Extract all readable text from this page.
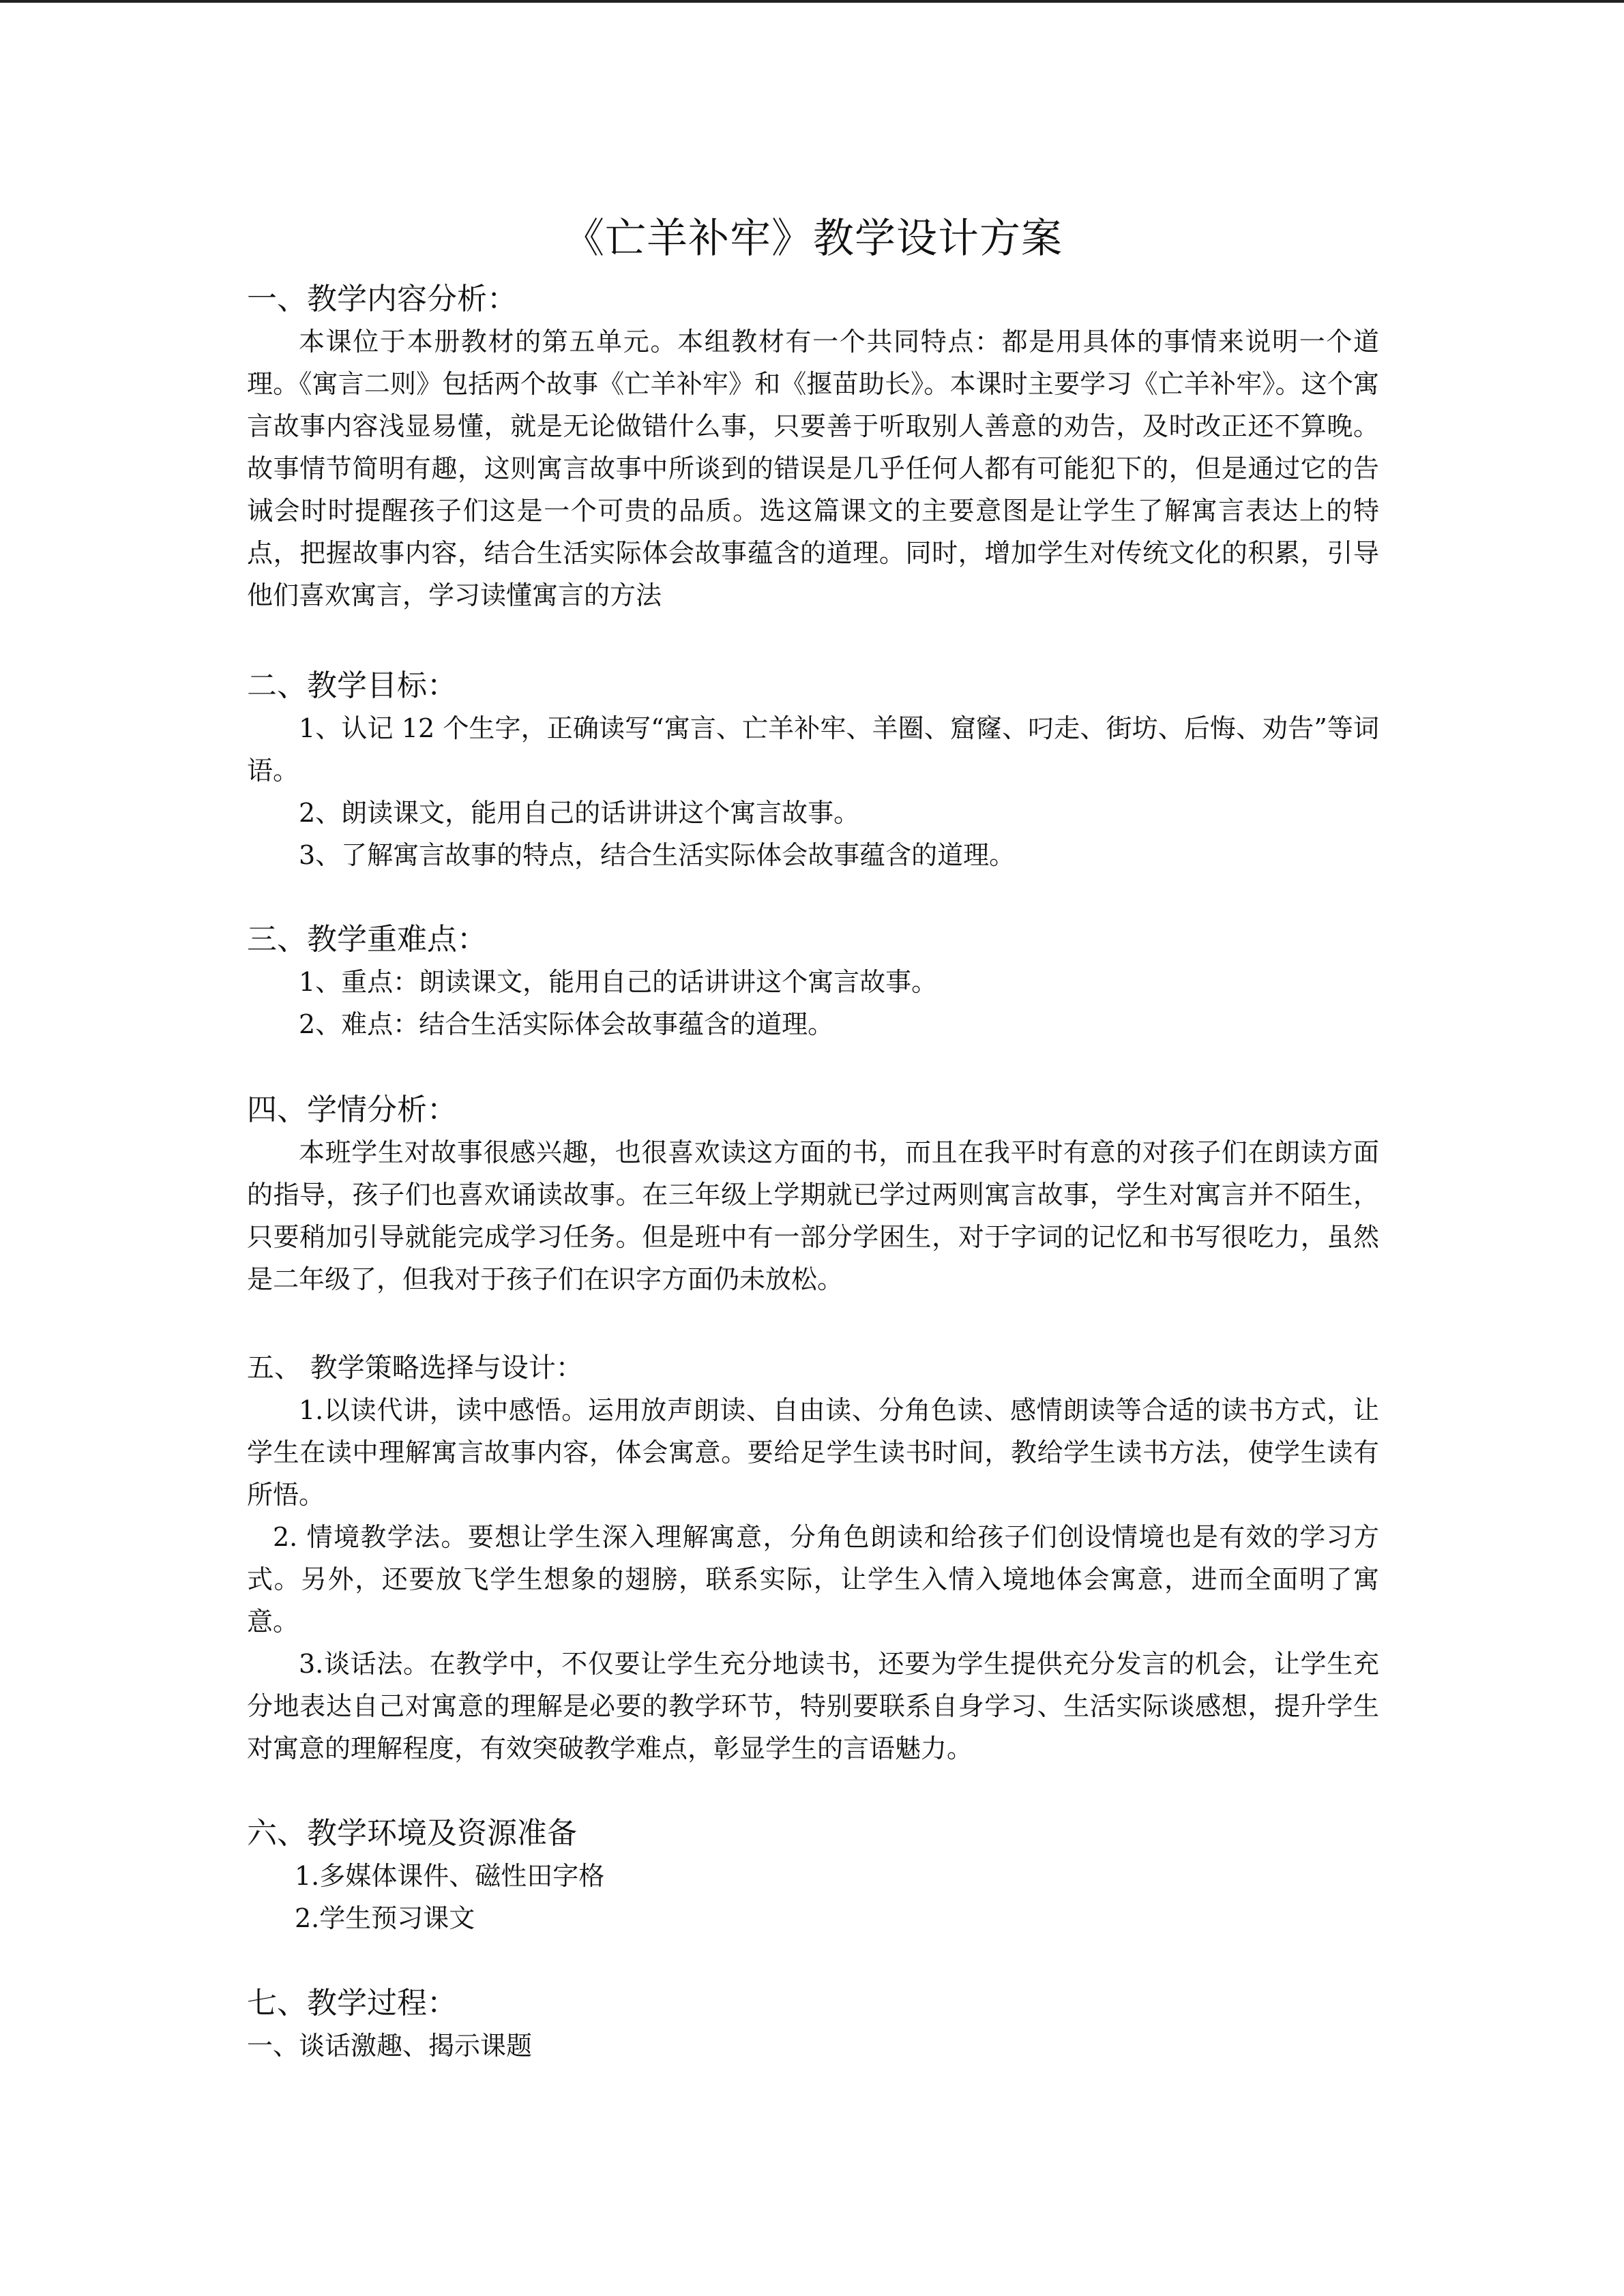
《亡羊补牢》教学设计方案

一、教学内容分析：

本课位于本册教材的第五单元。本组教材有一个共同特点：都是用具体的事情来说明一个道理。《寓言二则》包括两个故事《亡羊补牢》和《揠苗助长》。本课时主要学习《亡羊补牢》。这个寓言故事内容浅显易懂，就是无论做错什么事，只要善于听取别人善意的劝告，及时改正还不算晚。故事情节简明有趣，这则寓言故事中所谈到的错误是几乎任何人都有可能犯下的，但是通过它的告诫会时时提醒孩子们这是一个可贵的品质。选这篇课文的主要意图是让学生了解寓言表达上的特点，把握故事内容，结合生活实际体会故事蕴含的道理。同时，增加学生对传统文化的积累，引导他们喜欢寓言，学习读懂寓言的方法

二、教学目标：

1、认记 12 个生字，正确读写“寓言、亡羊补牢、羊圈、窟窿、叼走、街坊、后悔、劝告”等词语。

2、朗读课文，能用自己的话讲讲这个寓言故事。

3、了解寓言故事的特点，结合生活实际体会故事蕴含的道理。

三、教学重难点：

1、重点：朗读课文，能用自己的话讲讲这个寓言故事。

2、难点：结合生活实际体会故事蕴含的道理。

四、学情分析：

本班学生对故事很感兴趣，也很喜欢读这方面的书，而且在我平时有意的对孩子们在朗读方面的指导，孩子们也喜欢诵读故事。在三年级上学期就已学过两则寓言故事，学生对寓言并不陌生，只要稍加引导就能完成学习任务。但是班中有一部分学困生，对于字词的记忆和书写很吃力，虽然是二年级了，但我对于孩子们在识字方面仍未放松。

五、 教学策略选择与设计：

1.以读代讲，读中感悟。运用放声朗读、自由读、分角色读、感情朗读等合适的读书方式，让学生在读中理解寓言故事内容，体会寓意。要给足学生读书时间，教给学生读书方法，使学生读有所悟。

2. 情境教学法。要想让学生深入理解寓意，分角色朗读和给孩子们创设情境也是有效的学习方式。另外，还要放飞学生想象的翅膀，联系实际，让学生入情入境地体会寓意，进而全面明了寓意。

3.谈话法。在教学中，不仅要让学生充分地读书，还要为学生提供充分发言的机会，让学生充分地表达自己对寓意的理解是必要的教学环节，特别要联系自身学习、生活实际谈感想，提升学生对寓意的理解程度，有效突破教学难点，彰显学生的言语魅力。

六、教学环境及资源准备

1.多媒体课件、磁性田字格

2.学生预习课文

七、教学过程：

一、谈话激趣、揭示课题
